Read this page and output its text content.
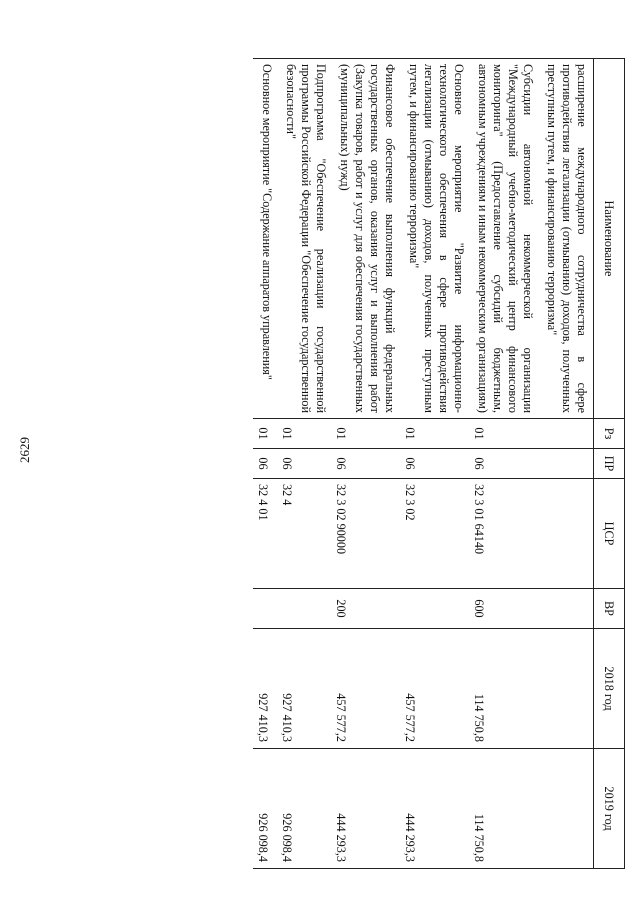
2629
Наименование	Рз	ПР	ЦСР	ВР	2018 год	2019 год
расширение международного сотрудничества в сфере противодействия легализации (отмыванию) доходов, полученных преступным путем, и финансированию терроризма"						
Субсидии автономной некоммерческой организации "Международный учебно-методический центр финансового мониторинга" (Предоставление субсидий бюджетным, автономным учреждениям и иным некоммерческим организациям)	01	06	32 3 01 64140	600	114 750,8	114 750,8
Основное мероприятие "Развитие информационно-технологического обеспечения в сфере противодействия легализации (отмыванию) доходов, полученных преступным путем, и финансированию терроризма"	01	06	32 3 02		457 577,2	444 293,3
Финансовое обеспечение выполнения функций федеральных государственных органов, оказания услуг и выполнения работ (Закупка товаров, работ и услуг для обеспечения государственных (муниципальных) нужд)	01	06	32 3 02 90000	200	457 577,2	444 293,3
Подпрограмма "Обеспечение реализации государственной программы Российской Федерации "Обеспечение государственной безопасности"	01	06	32 4		927 410,3	926 098,4
Основное мероприятие "Содержание аппаратов управления"	01	06	32 4 01		927 410,3	926 098,4
